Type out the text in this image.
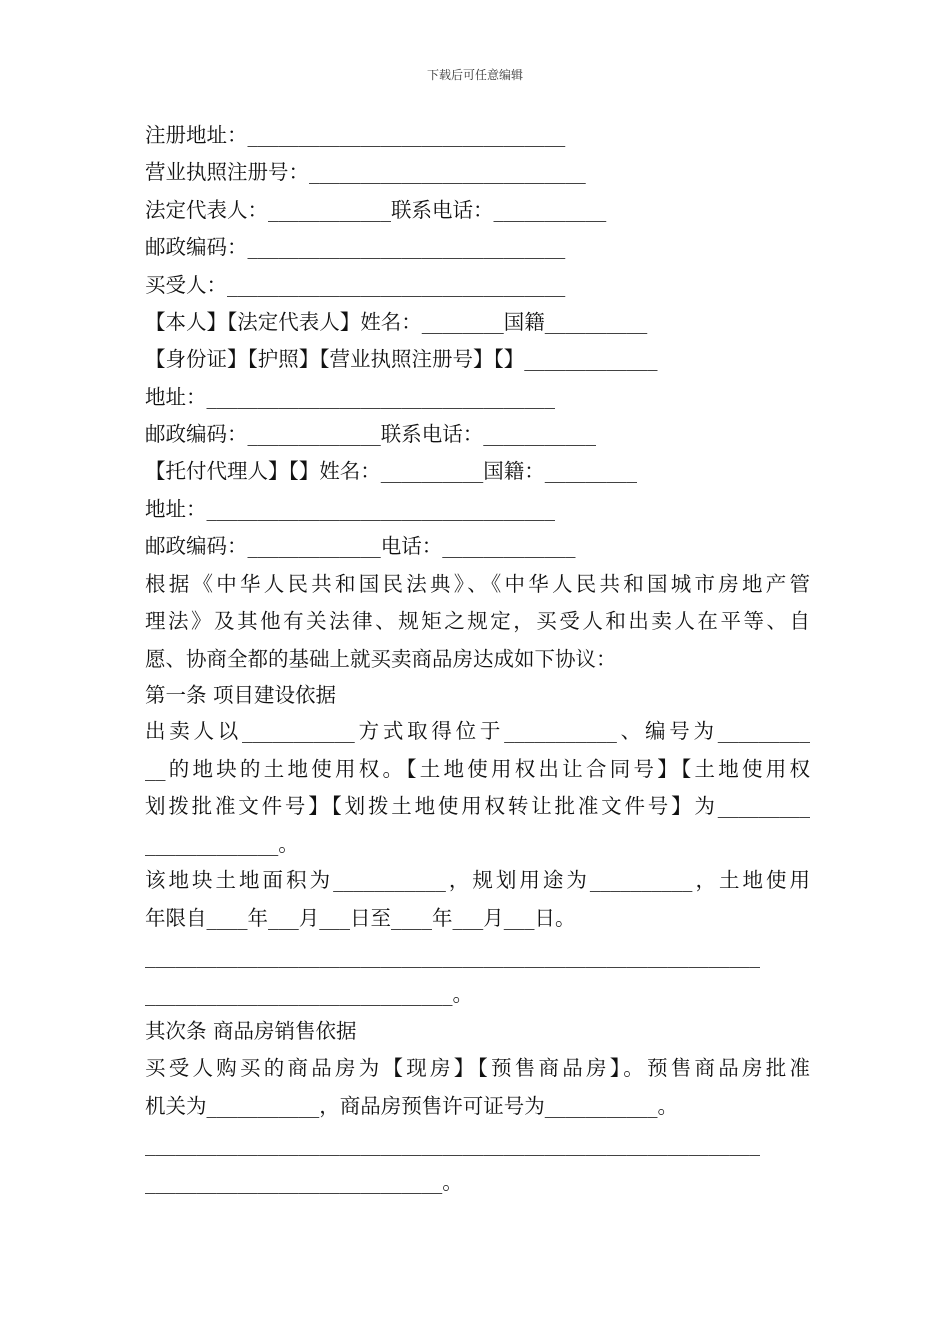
下载后可任意编辑
注册地址：_______________________________
营业执照注册号：___________________________
法定代表人：____________联系电话：___________
邮政编码：_______________________________
买受人：_________________________________
【本人】【法定代表人】姓名：________国籍__________
【身份证】【护照】【营业执照注册号】【】_____________
地址：__________________________________
邮政编码：_____________联系电话：___________
【托付代理人】【】姓名：__________国籍：_________
地址：__________________________________
邮政编码：_____________电话：_____________
根据《中华人民共和国民法典》、《中华人民共和国城市房地产管
理法》及其他有关法律、规矩之规定，买受人和出卖人在平等、自
愿、协商全都的基础上就买卖商品房达成如下协议：
第一条 项目建设依据
出卖人以___________方式取得位于___________、编号为_________
__的地块的土地使用权。【土地使用权出让合同号】【土地使用权
划拨批准文件号】【划拨土地使用权转让批准文件号】为_________
_____________。
该地块土地面积为___________，规划用途为__________，土地使用
年限自____年___月___日至____年___月___日。
____________________________________________________________
______________________________。
其次条 商品房销售依据
买受人购买的商品房为【现房】【预售商品房】。预售商品房批准
机关为___________，商品房预售许可证号为___________。
____________________________________________________________
_____________________________。
